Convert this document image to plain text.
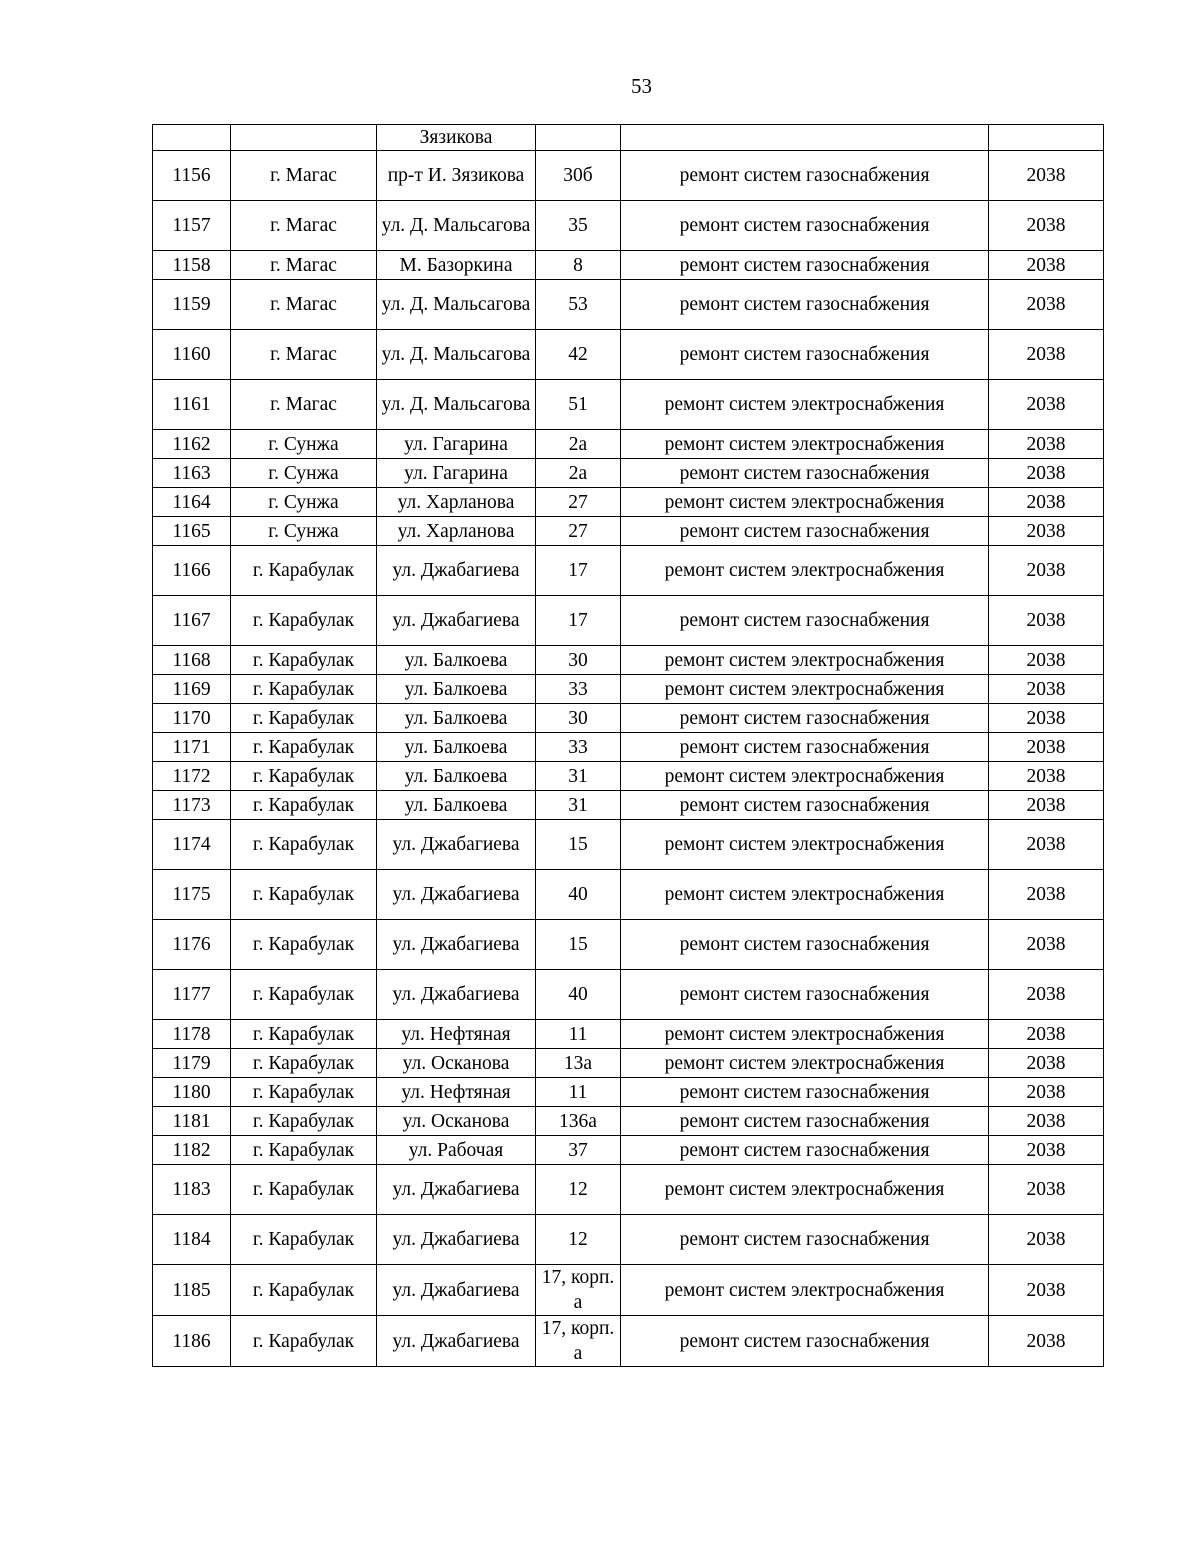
53
		Зязикова			
1156	г. Магас	пр-т И. Зязикова	30б	ремонт систем газоснабжения	2038
1157	г. Магас	ул. Д. Мальсагова	35	ремонт систем газоснабжения	2038
1158	г. Магас	М. Базоркина	8	ремонт систем газоснабжения	2038
1159	г. Магас	ул. Д. Мальсагова	53	ремонт систем газоснабжения	2038
1160	г. Магас	ул. Д. Мальсагова	42	ремонт систем газоснабжения	2038
1161	г. Магас	ул. Д. Мальсагова	51	ремонт систем электроснабжения	2038
1162	г. Сунжа	ул. Гагарина	2а	ремонт систем электроснабжения	2038
1163	г. Сунжа	ул. Гагарина	2а	ремонт систем газоснабжения	2038
1164	г. Сунжа	ул. Харланова	27	ремонт систем электроснабжения	2038
1165	г. Сунжа	ул. Харланова	27	ремонт систем газоснабжения	2038
1166	г. Карабулак	ул. Джабагиева	17	ремонт систем электроснабжения	2038
1167	г. Карабулак	ул. Джабагиева	17	ремонт систем газоснабжения	2038
1168	г. Карабулак	ул. Балкоева	30	ремонт систем электроснабжения	2038
1169	г. Карабулак	ул. Балкоева	33	ремонт систем электроснабжения	2038
1170	г. Карабулак	ул. Балкоева	30	ремонт систем газоснабжения	2038
1171	г. Карабулак	ул. Балкоева	33	ремонт систем газоснабжения	2038
1172	г. Карабулак	ул. Балкоева	31	ремонт систем электроснабжения	2038
1173	г. Карабулак	ул. Балкоева	31	ремонт систем газоснабжения	2038
1174	г. Карабулак	ул. Джабагиева	15	ремонт систем электроснабжения	2038
1175	г. Карабулак	ул. Джабагиева	40	ремонт систем электроснабжения	2038
1176	г. Карабулак	ул. Джабагиева	15	ремонт систем газоснабжения	2038
1177	г. Карабулак	ул. Джабагиева	40	ремонт систем газоснабжения	2038
1178	г. Карабулак	ул. Нефтяная	11	ремонт систем электроснабжения	2038
1179	г. Карабулак	ул. Осканова	13а	ремонт систем электроснабжения	2038
1180	г. Карабулак	ул. Нефтяная	11	ремонт систем газоснабжения	2038
1181	г. Карабулак	ул. Осканова	136а	ремонт систем газоснабжения	2038
1182	г. Карабулак	ул. Рабочая	37	ремонт систем газоснабжения	2038
1183	г. Карабулак	ул. Джабагиева	12	ремонт систем электроснабжения	2038
1184	г. Карабулак	ул. Джабагиева	12	ремонт систем газоснабжения	2038
1185	г. Карабулак	ул. Джабагиева	17, корп. а	ремонт систем электроснабжения	2038
1186	г. Карабулак	ул. Джабагиева	17, корп. а	ремонт систем газоснабжения	2038
